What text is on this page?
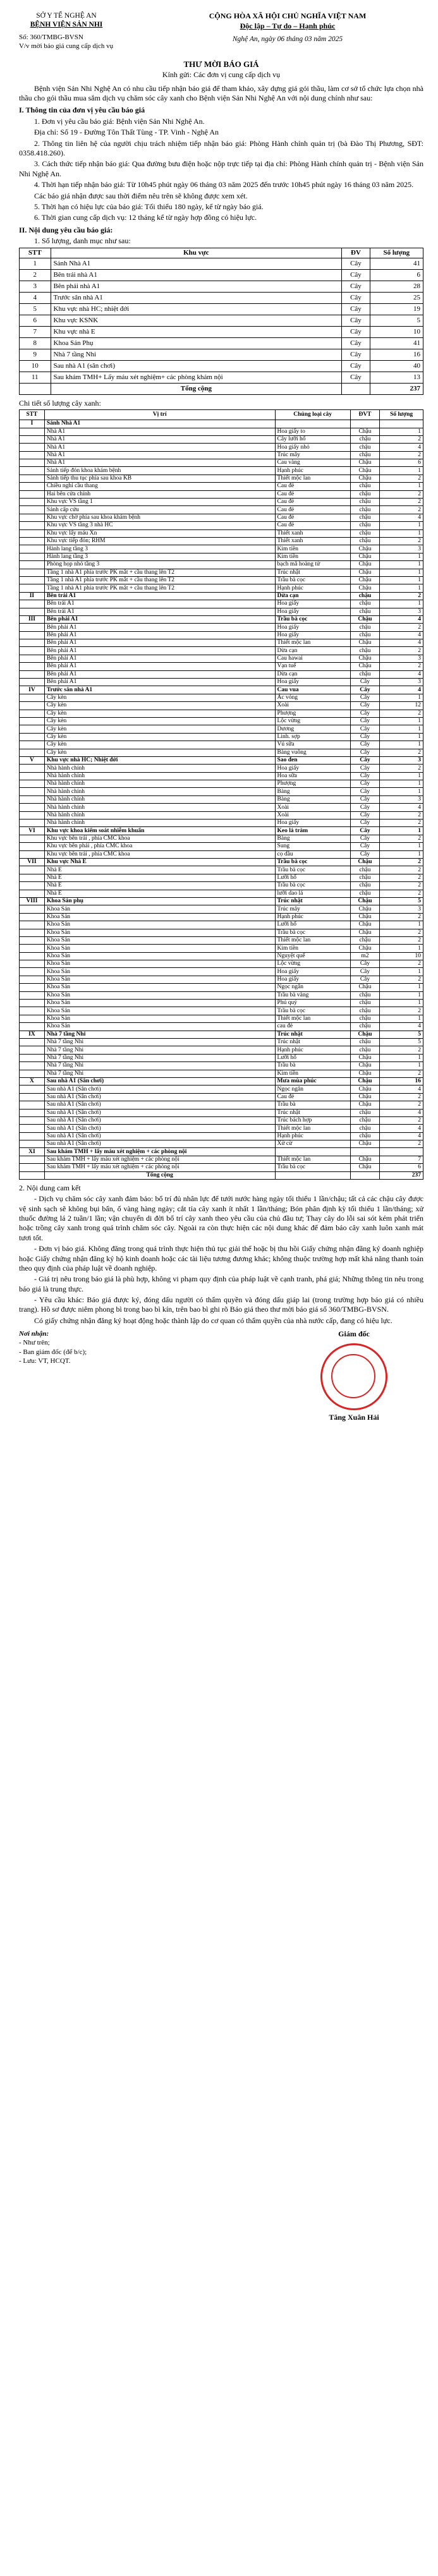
SỞ Y TẾ NGHỆ AN
BỆNH VIỆN SẢN NHI
Số: 360/TMBG-BVSN
V/v mời báo giá cung cấp dịch vụ
CỘNG HÒA XÃ HỘI CHỦ NGHĨA VIỆT NAM
Độc lập – Tự do – Hạnh phúc
Nghệ An, ngày 06 tháng 03 năm 2025
THƯ MỜI BÁO GIÁ
Kính gửi: Các đơn vị cung cấp dịch vụ

Bệnh viện Sản Nhi Nghệ An có nhu cầu tiếp nhận báo giá để tham khảo, xây dựng giá gói thầu, làm cơ sở tổ chức lựa chọn nhà thầu cho gói thầu mua sắm dịch vụ chăm sóc cây xanh cho Bệnh viện Sản Nhi Nghệ An với nội dung chính như sau:

I. Thông tin của đơn vị yêu cầu báo giá

1. Đơn vị yêu cầu báo giá: Bệnh viện Sản Nhi Nghệ An.

Địa chỉ: Số 19 - Đường Tôn Thất Tùng - TP. Vinh - Nghệ An

2. Thông tin liên hệ của người chịu trách nhiệm tiếp nhận báo giá: Phòng Hành chính quản trị (bà Đào Thị Phương, SĐT: 0358.418.260).

3. Cách thức tiếp nhận báo giá: Qua đường bưu điện hoặc nộp trực tiếp tại địa chỉ: Phòng Hành chính quản trị - Bệnh viện Sản Nhi Nghệ An.

4. Thời hạn tiếp nhận báo giá: Từ 10h45 phút ngày 06 tháng 03 năm 2025 đến trước 10h45 phút ngày 16 tháng 03 năm 2025.

Các báo giá nhận được sau thời điểm nêu trên sẽ không được xem xét.

5. Thời hạn có hiệu lực của báo giá: Tối thiểu 180 ngày, kể từ ngày báo giá.

6. Thời gian cung cấp dịch vụ: 12 tháng kể từ ngày hợp đồng có hiệu lực.

II. Nội dung yêu cầu báo giá:

1. Số lượng, danh mục như sau:

STT	Khu vực	ĐV	Số lượng
1	Sảnh Nhà A1	Cây	41
2	Bên trái nhà A1	Cây	6
3	Bên phải nhà A1	Cây	28
4	Trước sân nhà A1	Cây	25
5	Khu vực nhà HC; nhiệt đới	Cây	19
6	Khu vực KSNK	Cây	5
7	Khu vực nhà E	Cây	10
8	Khoa Sản Phụ	Cây	41
9	Nhà 7 tầng Nhi	Cây	16
10	Sau nhà A1 (sân chơi)	Cây	40
11	Sau khám TMH+ Lấy máu xét nghiệm+ các phòng khám nội	Cây	13
	Tổng cộng		237

Chi tiết số lượng cây xanh:

STT	Vị trí	Chủng loại cây	ĐVT	Số lượng
I	Sảnh Nhà A1			
	Nhà A1	Hoa giấy to	Chậu	1
	Nhà A1	Cây lưỡi hổ	chậu	2
	Nhà A1	Hoa giấy nhỏ	chậu	4
	Nhà A1	Trúc mây	chậu	2
	Nhà A1	Cau vàng	Chậu	6
	Sảnh tiếp đón khoa khám bệnh	Hạnh phúc	Chậu	1
	Sảnh tiếp thu tục phía sau khoa KB	Thiết mộc lan	Chậu	2
	Chiều nghỉ cầu thang	Cau đẻ	chậu	1
	Hai bên cửa chính	Cau đẻ	chậu	2
	Khu vực VS tầng 1	Cau đẻ	chậu	2
	Sảnh cấp cứu	Cau đẻ	chậu	2
	Khu vực chờ phía sau khoa khám bệnh	Cau đẻ	chậu	4
	Khu vực VS tầng 3 nhà HC	Cau đẻ	chậu	1
	Khu vực lấy máu Xn	Thiết xanh	chậu	1
	Khu vực tiếp đón; RHM	Thiết xanh	chậu	2
	Hành lang tầng 3	Kim tiền	Chậu	3
	Hành lang tầng 3	Kim tiền	Chậu	1
	Phòng họp nhỏ tầng 3	bạch mã hoàng tử	Chậu	1
	Tầng 1 nhà A1 phía trước PK mắt + cầu thang lên T2	Trúc nhật	Chậu	1
	Tầng 1 nhà A1 phía trước PK mắt + cầu thang lên T2	Trầu bà cọc	Chậu	1
	Tầng 1 nhà A1 phía trước PK mắt + cầu thang lên T2	Hạnh phúc	Chậu	1
II	Bên trái A1	Dừa cạn	chậu	2
	Bên trái A1	Hoa giấy	chậu	1
	Bên trái A1	Hoa giấy	chậu	3
III	Bên phải A1	Trầu bà cọc	Chậu	4
	Bên phải A1	Hoa giấy	chậu	2
	Bên phải A1	Hoa giấy	chậu	4
	Bên phải A1	Thiết mộc lan	Chậu	4
	Bên phải A1	Dừa cạn	chậu	2
	Bên phải A1	Cau hawai	Chậu	3
	Bên phải A1	Vạn tuế	Chậu	2
	Bên phải A1	Dừa cạn	chậu	4
	Bên phải A1	Hoa giấy	Cây	3
IV	Trước sân nhà A1	Cau vua	Cây	4
	Cây kèn	Ắc vóng	Cây	1
	Cây kèn	Xoài	Cây	12
	Cây kèn	Phượng	Cây	2
	Cây kèn	Lộc vừng	Cây	1
	Cây kèn	Dương	Cây	1
	Cây kèn	Linh. sợp	Cây	1
	Cây kèn	Vú sữa	Cây	1
	Cây kèn	Bàng vuông	Cây	2
V	Khu vực nhà HC; Nhiệt đới	Sao đen	Cây	3
	Nhà hành chính	Hoa giấy	Cây	2
	Nhà hành chính	Hoa sữa	Cây	1
	Nhà hành chính	Phượng	Cây	1
	Nhà hành chính	Bàng	Cây	1
	Nhà hành chính	Bàng	Cây	3
	Nhà hành chính	Xoài	Cây	4
	Nhà hành chính	Xoài	Cây	2
	Nhà hành chính	Hoa giấy	Cây	2
VI	Khu vực khoa kiểm soát nhiễm khuẩn	Keo lá tràm	Cây	1
	Khu vực bên trái , phía CMC khoa	Bàng	Cây	2
	Khu vực bên phải , phía CMC khoa	Sung	Cây	1
	Khu vực bên trái , phía CMC khoa	cọ dầu	Cây	1
VII	Khu vực Nhà E	Trầu bà cọc	Chậu	2
	Nhà E	Trầu bà cọc	chậu	2
	Nhà E	Lưỡi hổ	chậu	2
	Nhà E	Trầu bà cọc	chậu	2
	Nhà E	lưỡi dao lá	chậu	2
VIII	Khoa Sản phụ	Trúc nhật	Chậu	5
	Khoa Sản	Trúc mây	Chậu	3
	Khoa Sản	Hạnh phúc	Chậu	2
	Khoa Sản	Lưỡi hổ	Chậu	1
	Khoa Sản	Trầu bà cọc	Chậu	2
	Khoa Sản	Thiết mộc lan	chậu	2
	Khoa Sản	Kim tiền	Chậu	1
	Khoa Sản	Nguyệt quế	m2	10
	Khoa Sản	Lộc vừng	Cây	2
	Khoa Sản	Hoa giấy	Cây	1
	Khoa Sản	Hoa giấy	Cây	2
	Khoa Sản	Ngọc ngân	Chậu	1
	Khoa Sản	Trầu bà vàng	chậu	1
	Khoa Sản	Phú quý	chậu	1
	Khoa Sản	Trầu bà cọc	chậu	2
	Khoa Sản	Thiết mộc lan	chậu	1
	Khoa Sản	cau đẻ	chậu	4
IX	Nhà 7 tầng Nhi	Trúc nhật	Chậu	5
	Nhà 7 tầng Nhi	Trúc nhật	chậu	5
	Nhà 7 tầng Nhi	Hạnh phúc	chậu	2
	Nhà 7 tầng Nhi	Lưỡi hổ	Chậu	1
	Nhà 7 tầng Nhi	Trầu bà	Chậu	1
	Nhà 7 tầng Nhi	Kim tiền	Chậu	2
X	Sau nhà A1 (Sân chơi)	Mưa mùa phúc	Chậu	16
	Sau nhà A1 (Sân chơi)	Ngọc ngân	Chậu	4
	Sau nhà A1 (Sân chơi)	Cau đẻ	Chậu	2
	Sau nhà A1 (Sân chơi)	Trầu bà	Chậu	2
	Sau nhà A1 (Sân chơi)	Trúc nhật	chậu	4
	Sau nhà A1 (Sân chơi)	Trúc bách hợp	chậu	2
	Sau nhà A1 (Sân chơi)	Thiết mộc lan	chậu	4
	Sau nhà A1 (Sân chơi)	Hạnh phúc	chậu	4
	Sau nhà A1 (Sân chơi)	Xử cừ	Chậu	2
XI	Sau khám TMH + lấy máu xét nghiệm + các phòng nội			
	Sau khám TMH + lấy máu xét nghiệm + các phòng nội	Thiết mộc lan	Chậu	7
	Sau khám TMH + lấy máu xét nghiệm + các phòng nội	Trầu bà cọc	Chậu	6
	Tổng cộng			237

2. Nội dung cam kết

- Dịch vụ chăm sóc cây xanh đảm bảo: bổ trí đủ nhân lực để tưới nước hàng ngày tối thiểu 1 lần/chậu; tất cả các chậu cây được vệ sinh sạch sẽ không bụi bẩn, ố vàng hàng ngày; cắt tỉa cây xanh ít nhất 1 lần/tháng; Bón phân định kỳ tối thiểu 1 lần/tháng; xử thuốc đường lá 2 tuần/1 lần; vận chuyển di đời bổ trí cây xanh theo yêu cầu của chủ đầu tư; Thay cây do lỗi sai sót kém phát triển hoặc trồng cây xanh trong quá trình chăm sóc cây. Ngoài ra còn thực hiện các nội dung khác để đảm bảo cây xanh luôn xanh mát tươi tốt.

- Đơn vị báo giá. Không đăng trong quá trình thực hiện thủ tục giải thể hoặc bị thu hồi Giấy chứng nhận đăng ký doanh nghiệp hoặc Giấy chứng nhận đăng ký hộ kinh doanh hoặc các tài liệu tương đương khác; không thuộc trường hợp mất khả năng thanh toán theo quy định của pháp luật về doanh nghiệp.

- Giá trị nêu trong báo giá là phù hợp, không vi phạm quy định của pháp luật về cạnh tranh, phá giá; Những thông tin nêu trong báo giá là trung thực.

- Yêu cầu khác: Báo giá được ký, đóng dấu người có thẩm quyền và đóng dấu giáp lai (trong trường hợp báo giá có nhiều trang). Hồ sơ được niêm phong bì trong bao bì kín, trên bao bì ghi rõ Báo giá theo thư mời báo giá số 360/TMBG-BVSN.

Có giấy chứng nhận đăng ký hoạt động hoặc thành lập do cơ quan có thẩm quyền của nhà nước cấp, đang có hiệu lực.

Nơi nhận:
- Như trên;
- Ban giám đốc (để b/c);
- Lưu: VT, HCQT.
Giám đốc
Tăng Xuân Hải
